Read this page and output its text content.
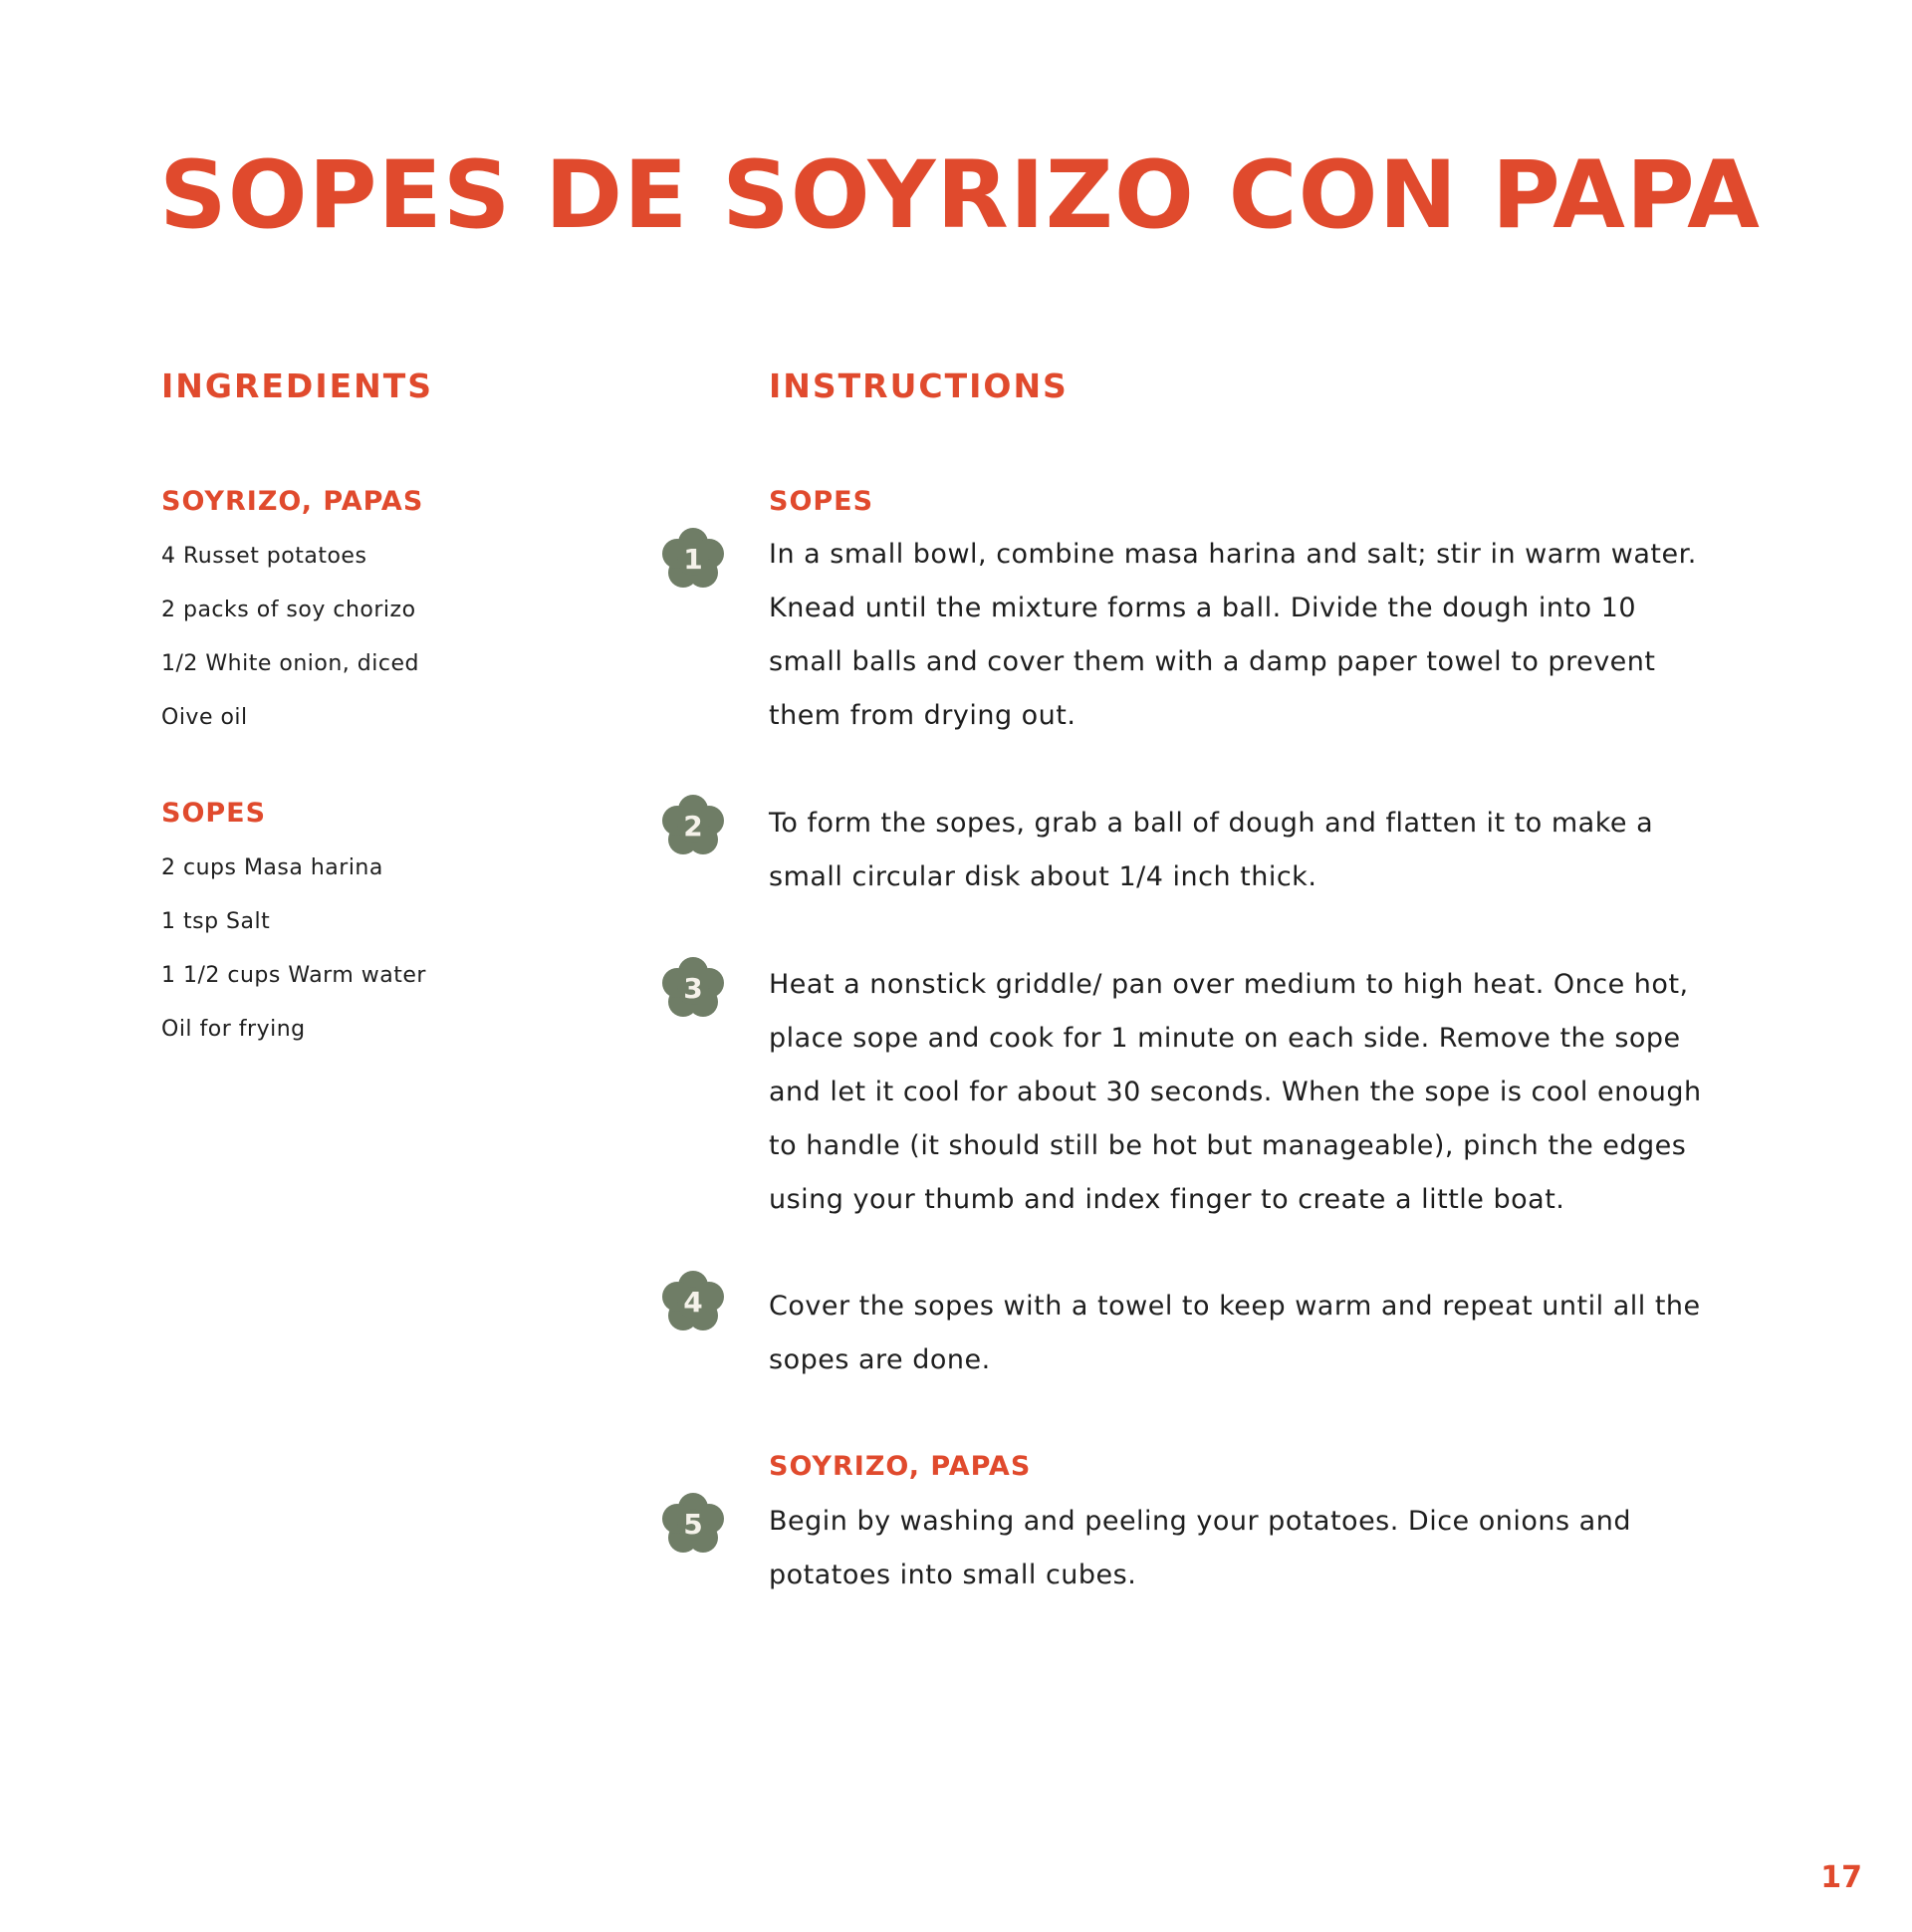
SOPES DE SOYRIZO CON PAPA
INGREDIENTS
SOYRIZO, PAPAS
4 Russet potatoes
2 packs of soy chorizo
1/2 White onion, diced
Oive oil
SOPES
2 cups Masa harina
1 tsp Salt
1 1/2 cups Warm water
Oil for frying
INSTRUCTIONS
SOPES
1	In a small bowl, combine masa harina and salt; stir in warm water. Knead until the mixture forms a ball. Divide the dough into 10 small balls and cover them with a damp paper towel to prevent them from drying out.

2	To form the sopes, grab a ball of dough and flatten it to make a small circular disk about 1/4 inch thick.

3	Heat a nonstick griddle/ pan over medium to high heat. Once hot, place sope and cook for 1 minute on each side. Remove the sope and let it cool for about 30 seconds. When the sope is cool enough to handle (it should still be hot but manageable), pinch the edges using your thumb and index finger to create a little boat.

4	Cover the sopes with a towel to keep warm and repeat until all the sopes are done.

SOYRIZO, PAPAS
5	Begin by washing and peeling your potatoes. Dice onions and potatoes into small cubes.

17
